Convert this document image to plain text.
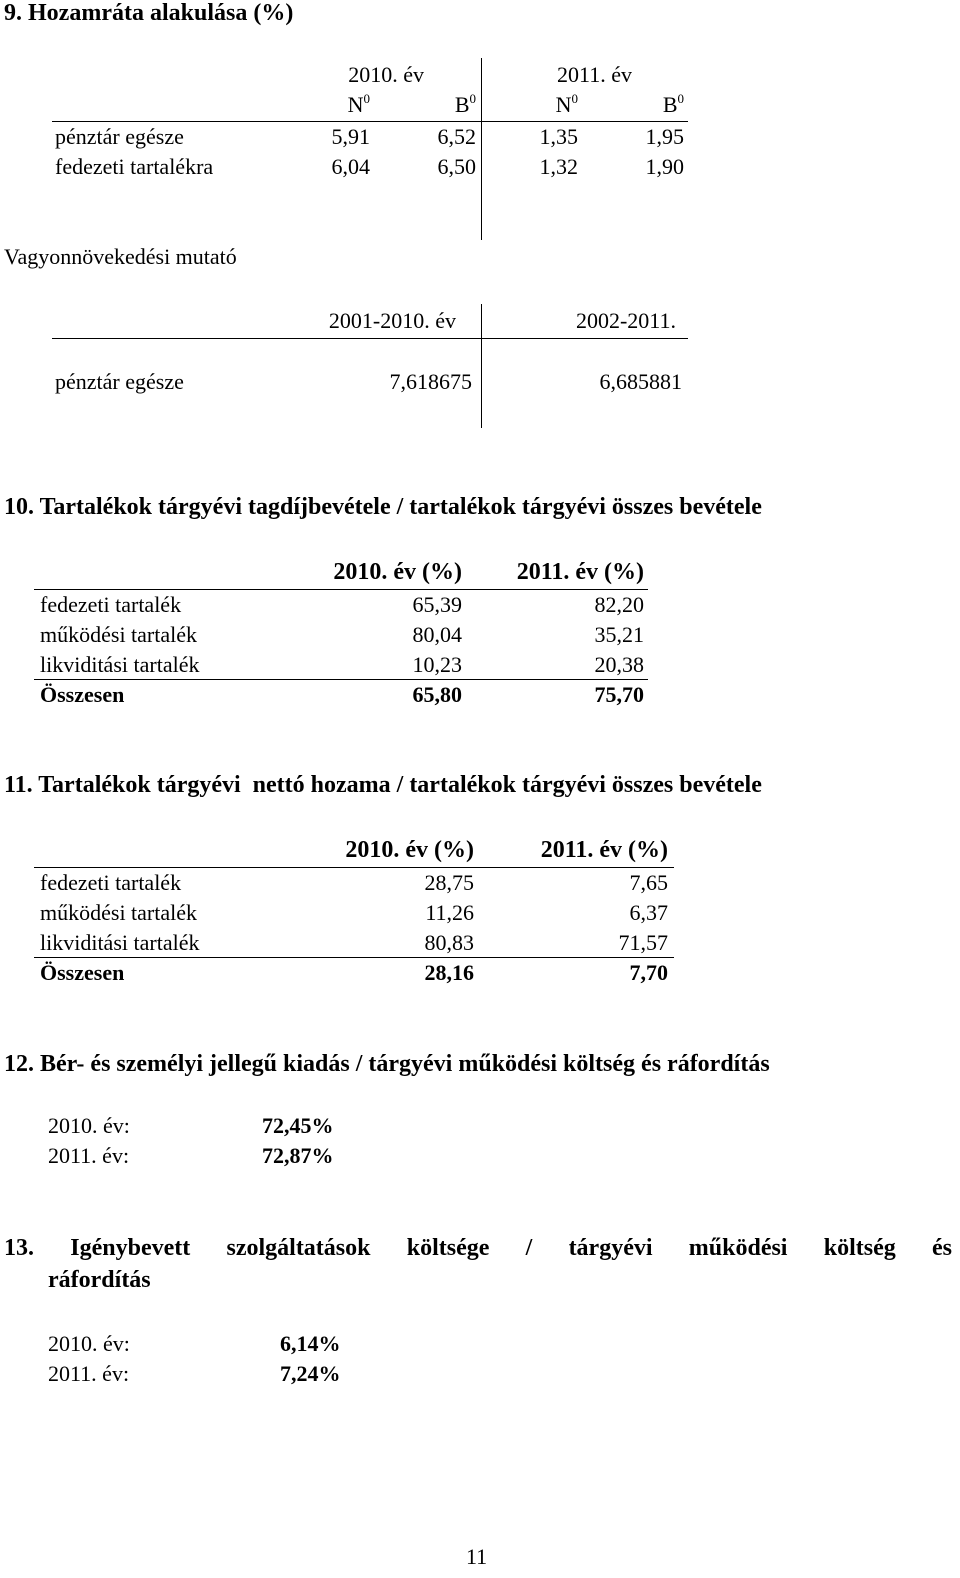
9. Hozamráta alakulása (%)
2010. év	2011. év
$N^0$	$B^0$	$N^0$	$B^0$
pénztár egésze	5,91	6,52	1,35	1,95
fedezeti tartalékra	6,04	6,50	1,32	1,90
Vagyonnövekedési mutató
2001-2010. év	2002-2011.
pénztár egésze	7,618675	6,685881
10. Tartalékok tárgyévi tagdíjbevétele / tartalékok tárgyévi összes bevétele
2010. év (%)	2011. év (%)
fedezeti tartalék	65,39	82,20
működési tartalék	80,04	35,21
likviditási tartalék	10,23	20,38
Összesen	65,80	75,70
11. Tartalékok tárgyévi  nettó hozama / tartalékok tárgyévi összes bevétele
2010. év (%)	2011. év (%)
fedezeti tartalék	28,75	7,65
működési tartalék	11,26	6,37
likviditási tartalék	80,83	71,57
Összesen	28,16	7,70
12. Bér- és személyi jellegű kiadás / tárgyévi működési költség és ráfordítás
2010. év:	72,45%
2011. év:	72,87%
13. Igénybevett szolgáltatások költsége / tárgyévi működési költség és
ráfordítás
2010. év:	6,14%
2011. év:	7,24%
11
